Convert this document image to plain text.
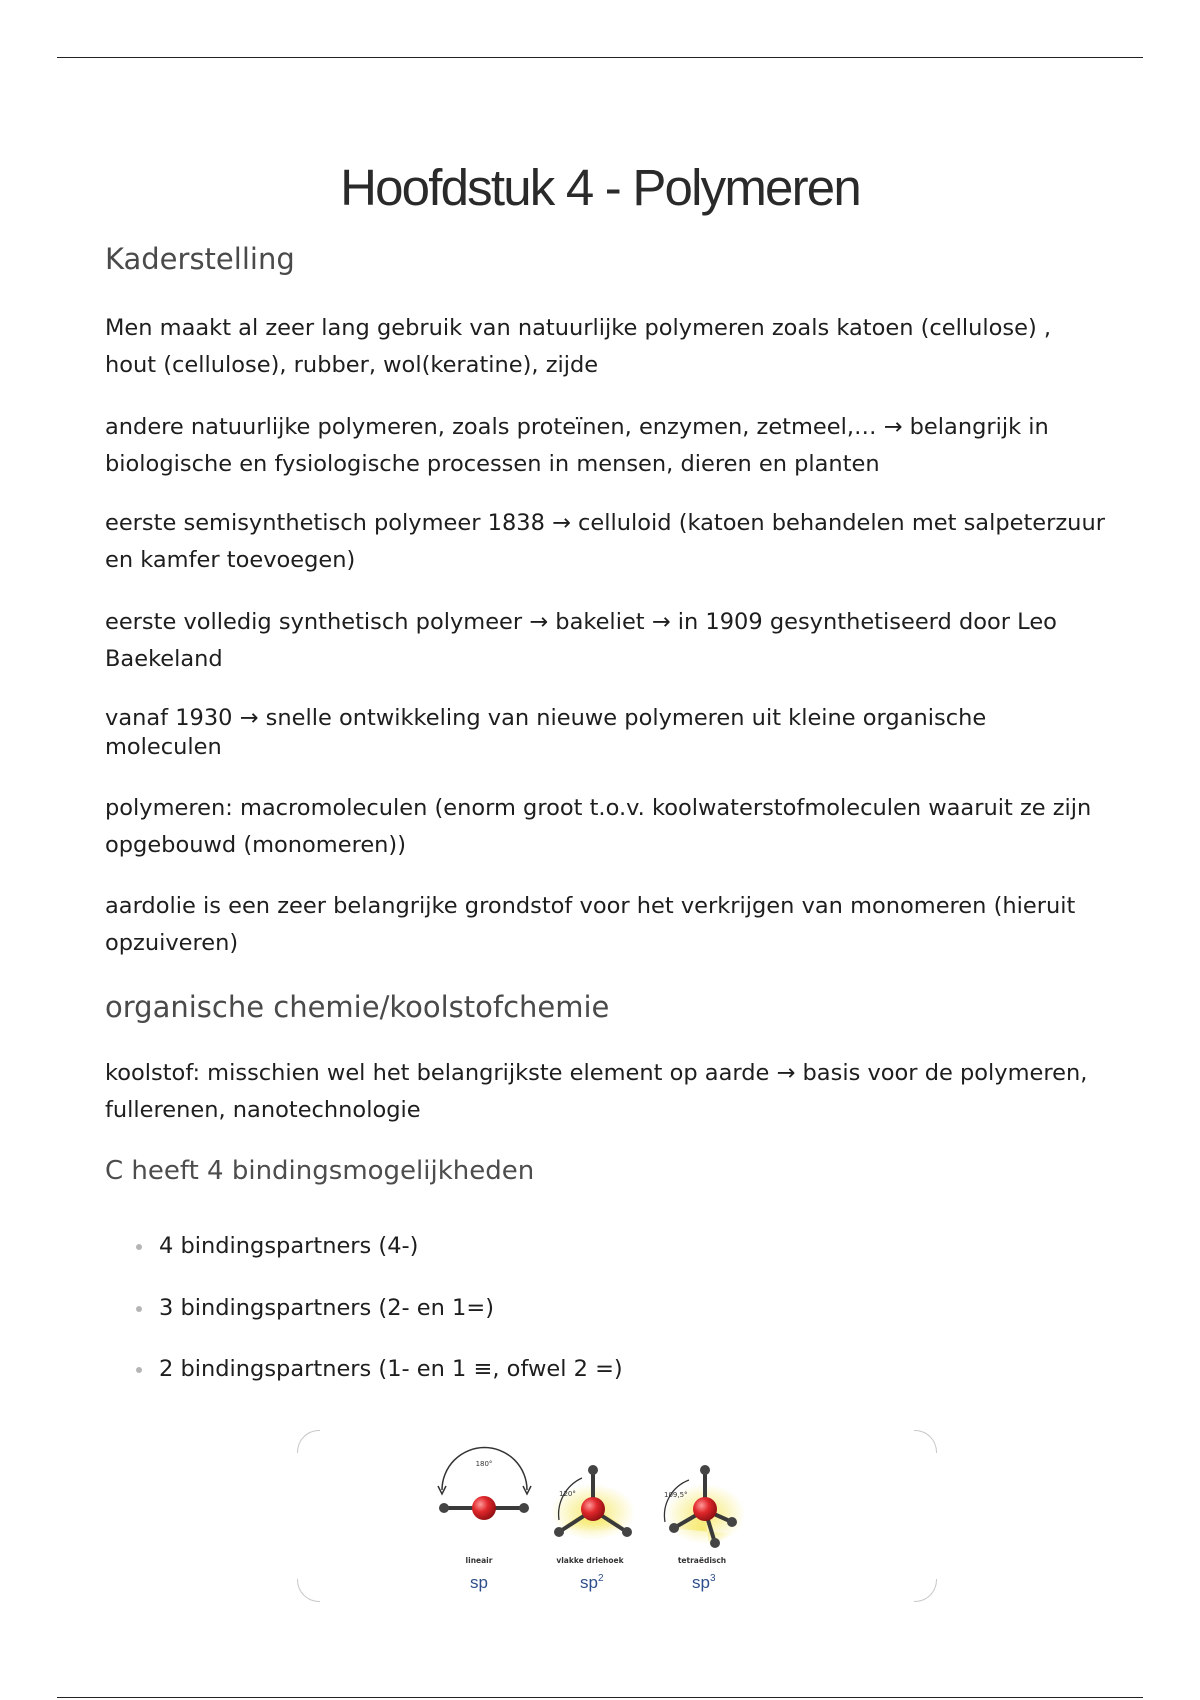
Hoofdstuk 4 - Polymeren
Kaderstelling

Men maakt al zeer lang gebruik van natuurlijke polymeren zoals katoen (cellulose) , hout (cellulose), rubber, wol(keratine), zijde

andere natuurlijke polymeren, zoals proteïnen, enzymen, zetmeel,… → belangrijk in biologische en fysiologische processen in mensen, dieren en planten

eerste semisynthetisch polymeer 1838 → celluloid (katoen behandelen met salpeterzuur en kamfer toevoegen)

eerste volledig synthetisch polymeer → bakeliet → in 1909 gesynthetiseerd door Leo Baekeland

vanaf 1930 → snelle ontwikkeling van nieuwe polymeren uit kleine organische moleculen

polymeren: macromoleculen (enorm groot t.o.v. koolwaterstofmoleculen waaruit ze zijn opgebouwd (monomeren))

aardolie is een zeer belangrijke grondstof voor het verkrijgen van monomeren (hieruit opzuiveren)

organische chemie/koolstofchemie

koolstof: misschien wel het belangrijkste element op aarde → basis voor de polymeren, fullerenen, nanotechnologie

C heeft 4 bindingsmogelijkheden
4 bindingspartners (4-)
3 bindingspartners (2- en 1=)
2 bindingspartners (1- en 1 ≡, ofwel 2 =)
180°
120°	109,5°
lineair	vlakke driehoek	tetraëdisch
sp	$sp^2$	$sp^3$
